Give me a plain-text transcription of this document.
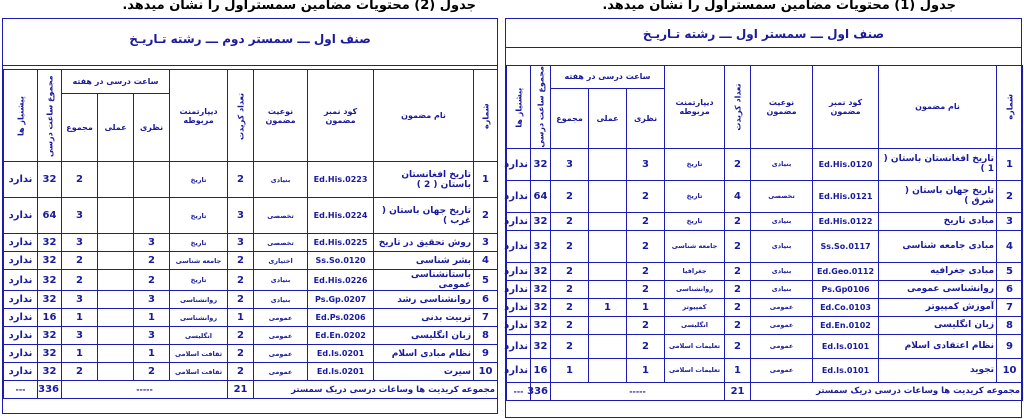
جدول (1) محتویات مضامین سمستراول را نشان میدهد.
جدول (2) محتویات مضامین سمستراول را نشان میدهد.
صنف اول ـــ سمستر اول ـــ رشته تـاریـخ
شماره	نام مضمون	کود نمبر مضمون	نوعیت مضمون	تعداد کریدت	دیپارتمنت مربوطه	ساعت درسی در هفته			مجموع ساعت درسی	پیشنیاز ها
						نظری	عملی	مجموع		
1	تاریخ افغانستان باستان ( 1 )	Ed.His.0120	بنیادی	2	تاریخ	3		3	32	ندارد
2	تاریخ جهان باستان ( شرق )	Ed.His.0121	تخصصی	4	تاریخ	2		2	64	ندارد
3	مبادی تاریخ	Ed.His.0122	بنیادی	2	تاریخ	2		2	32	ندارد
4	مبادی جامعه شناسی	Ss.So.0117	بنیادی	2	جامعه شناسی	2		2	32	ندارد
5	مبادی جغرافیه	Ed.Geo.0112	بنیادی	2	جغرافیا	2		2	32	ندارد
6	روانشناسی عمومی	Ps.Gp0106	بنیادی	2	روانشناسی	2		2	32	ندارد
7	آموزش کمپیوتر	Ed.Co.0103	عمومی	2	کمپیوتر	1	1	2	32	ندارد
8	زبان انگلیسی	Ed.En.0102	عمومی	2	انگلیسی	2		2	32	ندارد
9	نظام اعتقادی اسلام	Ed.Is.0101	عمومی	2	تعلیمات اسلامی	2		2	32	ندارد
10	تجوید	Ed.Is.0101	عمومی	1	تعلیمات اسلامی	1		1	16	ندارد
مجموعه کریدیت ها وساعات درسی دریک سمستر				21	-----				336	---
صنف اول ـــ سمستر دوم ـــ رشته تـاریـخ
شماره	نام مضمون	کود نمبر مضمون	نوعیت مضمون	تعداد کریدت	دیپارتمنت مربوطه	ساعت درسی در هفته			مجموع ساعت درسی	پیشنیاز ها
						نظری	عملی	مجموع		
1	تاریخ افغانستان باستان ( 2 )	Ed.His.0223	بنیادی	2	تاریخ			2	32	ندارد
2	تاریخ جهان باستان ( غرب )	Ed.His.0224	تخصصی	3	تاریخ			3	64	ندارد
3	روش تحقیق در تاریخ	Ed.His.0225	تخصصی	3	تاریخ	3		3	32	ندارد
4	بشر شناسی	Ss.So.0120	اختیاری	2	جامعه شناسی	2		2	32	ندارد
5	باستانشناسی عمومی	Ed.His.0226	بنیادی	2	تاریخ	2		2	32	ندارد
6	روانشناسی رشد	Ps.Gp.0207	بنیادی	2	روانشناسی	3		3	32	ندارد
7	تربیت بدنی	Ed.Ps.0206	عمومی	1	روانشناسی	1		1	16	ندارد
8	زبان انگلیسی	Ed.En.0202	عمومی	2	انگلیسی	3		3	32	ندارد
9	نظام مبادی اسلام	Ed.Is.0201	عمومی	2	ثقافت اسلامی	1		1	32	ندارد
10	سیرت	Ed.Is.0201	عمومی	2	ثقافت اسلامی	2		2	32	ندارد
مجموعه کریدیت ها وساعات درسی دریک سمستر				21	-----				336	---
